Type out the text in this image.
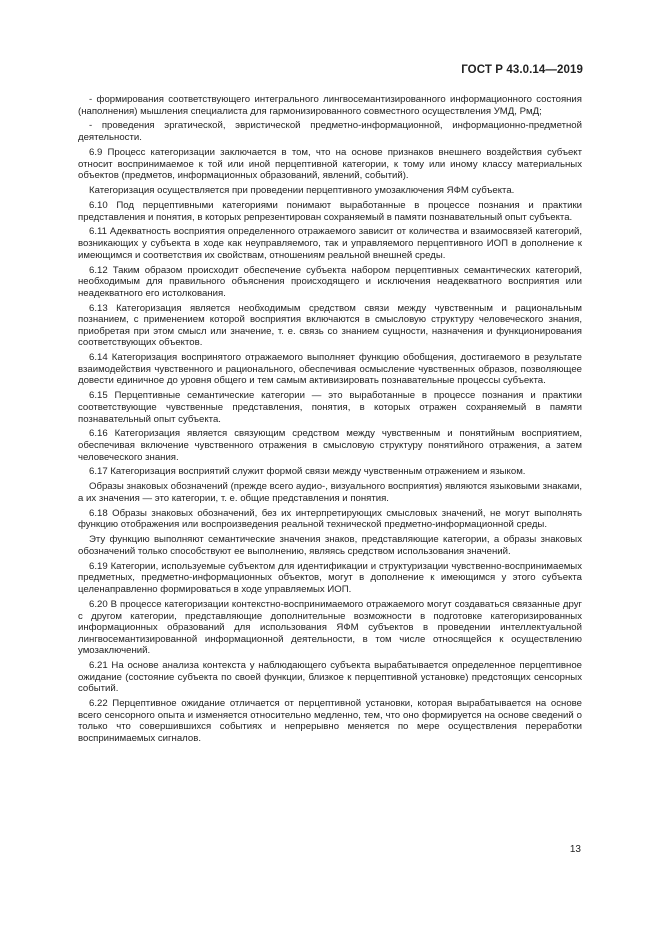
ГОСТ Р 43.0.14—2019

- формирования соответствующего интегрального лингвосемантизированного информационного состояния (наполнения) мышления специалиста для гармонизированного совместного осуществления УМД, РмД;

- проведения эргатической, эвристической предметно-информационной, информационно-предметной деятельности.

6.9 Процесс категоризации заключается в том, что на основе признаков внешнего воздействия субъект относит воспринимаемое к той или иной перцептивной категории, к тому или иному классу материальных объектов (предметов, информационных образований, явлений, событий).

Категоризация осуществляется при проведении перцептивного умозаключения ЯФМ субъекта.

6.10 Под перцептивными категориями понимают выработанные в процессе познания и практики представления и понятия, в которых репрезентирован сохраняемый в памяти познавательный опыт субъекта.

6.11 Адекватность восприятия определенного отражаемого зависит от количества и взаимосвязей категорий, возникающих у субъекта в ходе как неуправляемого, так и управляемого перцептивного ИОП в дополнение к имеющимся и соответствия их свойствам, отношениям реальной внешней среды.

6.12 Таким образом происходит обеспечение субъекта набором перцептивных семантических категорий, необходимым для правильного объяснения происходящего и исключения неадекватного восприятия или неадекватного его истолкования.

6.13 Категоризация является необходимым средством связи между чувственным и рациональным познанием, с применением которой восприятия включаются в смысловую структуру человеческого знания, приобретая при этом смысл или значение, т. е. связь со знанием сущности, назначения и функционирования соответствующих объектов.

6.14 Категоризация воспринятого отражаемого выполняет функцию обобщения, достигаемого в результате взаимодействия чувственного и рационального, обеспечивая осмысление чувственных образов, позволяющее довести единичное до уровня общего и тем самым активизировать познавательные процессы субъекта.

6.15 Перцептивные семантические категории — это выработанные в процессе познания и практики соответствующие чувственные представления, понятия, в которых отражен сохраняемый в памяти познавательный опыт субъекта.

6.16 Категоризация является связующим средством между чувственным и понятийным восприятием, обеспечивая включение чувственного отражения в смысловую структуру понятийного отражения, а затем человеческого знания.

6.17 Категоризация восприятий служит формой связи между чувственным отражением и языком.

Образы знаковых обозначений (прежде всего аудио-, визуального восприятия) являются языковыми знаками, а их значения — это категории, т. е. общие представления и понятия.

6.18 Образы знаковых обозначений, без их интерпретирующих смысловых значений, не могут выполнять функцию отображения или воспроизведения реальной технической предметно-информационной среды.

Эту функцию выполняют семантические значения знаков, представляющие категории, а образы знаковых обозначений только способствуют ее выполнению, являясь средством использования значений.

6.19 Категории, используемые субъектом для идентификации и структуризации чувственно-воспринимаемых предметных, предметно-информационных объектов, могут в дополнение к имеющимся у этого субъекта целенаправленно формироваться в ходе управляемых ИОП.

6.20 В процессе категоризации контекстно-воспринимаемого отражаемого могут создаваться связанные друг с другом категории, представляющие дополнительные возможности в подготовке категоризированных информационных образований для использования ЯФМ субъектов в проведении интеллектуальной лингвосемантизированной информационной деятельности, в том числе относящейся к осуществлению умозаключений.

6.21 На основе анализа контекста у наблюдающего субъекта вырабатывается определенное перцептивное ожидание (состояние субъекта по своей функции, близкое к перцептивной установке) предстоящих сенсорных событий.

6.22 Перцептивное ожидание отличается от перцептивной установки, которая вырабатывается на основе всего сенсорного опыта и изменяется относительно медленно, тем, что оно формируется на основе сведений о только что совершившихся событиях и непрерывно меняется по мере осуществления переработки воспринимаемых сигналов.

13
